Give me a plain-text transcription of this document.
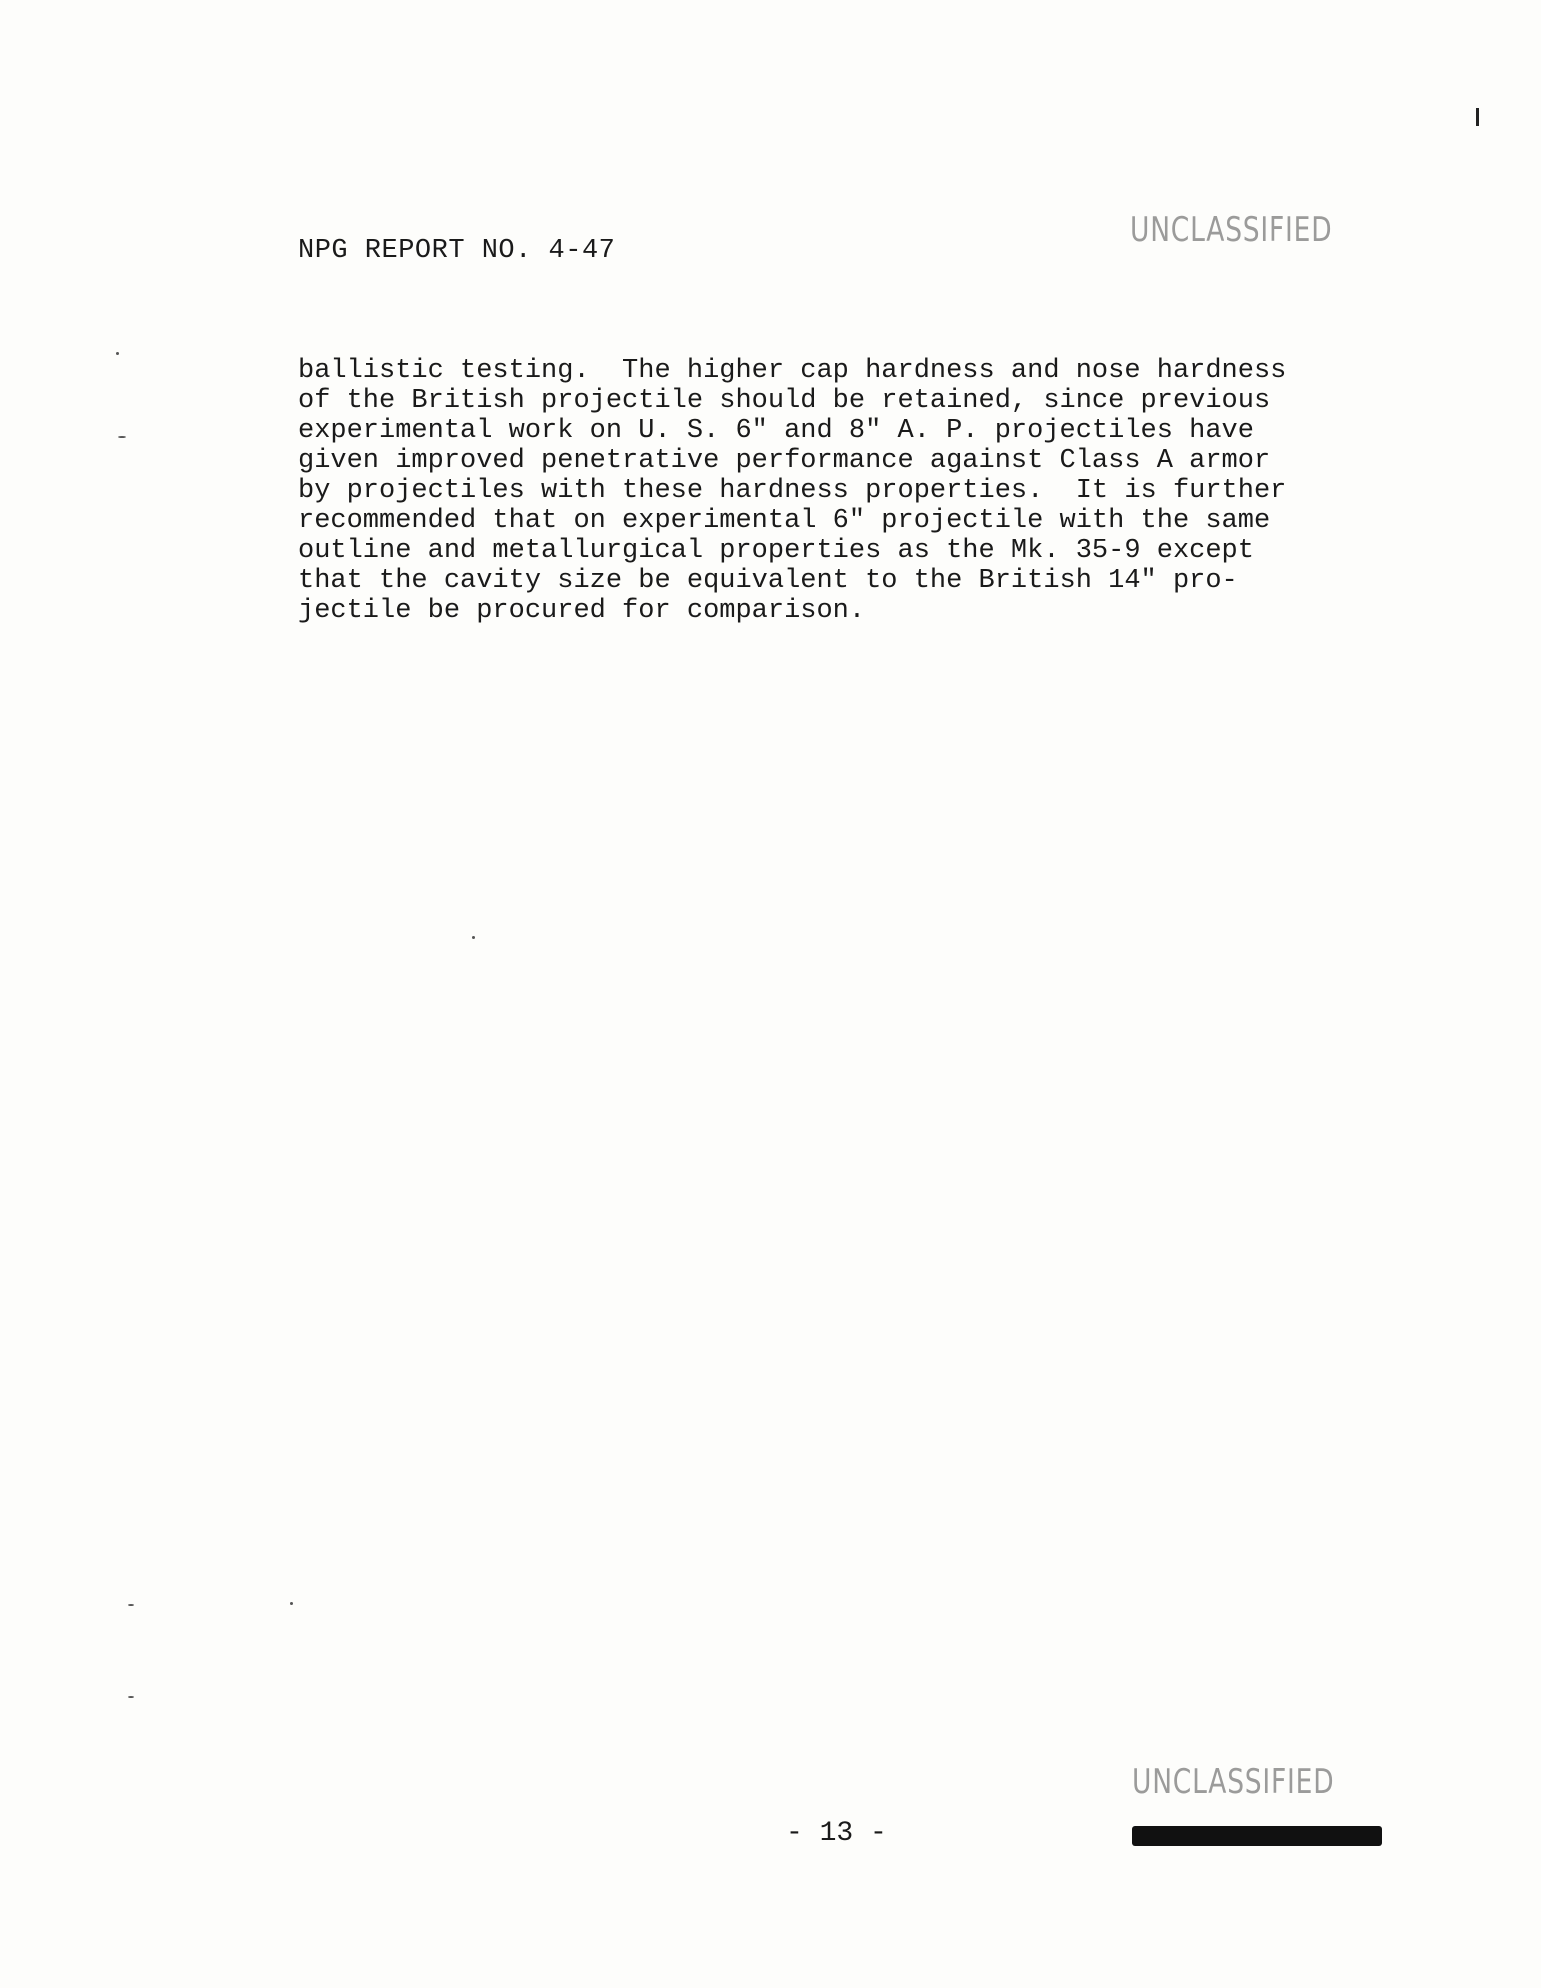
NPG REPORT NO. 4-47
UNCLASSIFIED
ballistic testing.  The higher cap hardness and nose hardness
of the British projectile should be retained, since previous
experimental work on U. S. 6" and 8" A. P. projectiles have
given improved penetrative performance against Class A armor
by projectiles with these hardness properties.  It is further
recommended that on experimental 6" projectile with the same
outline and metallurgical properties as the Mk. 35-9 except
that the cavity size be equivalent to the British 14" pro-
jectile be procured for comparison.
- 13 -
UNCLASSIFIED
